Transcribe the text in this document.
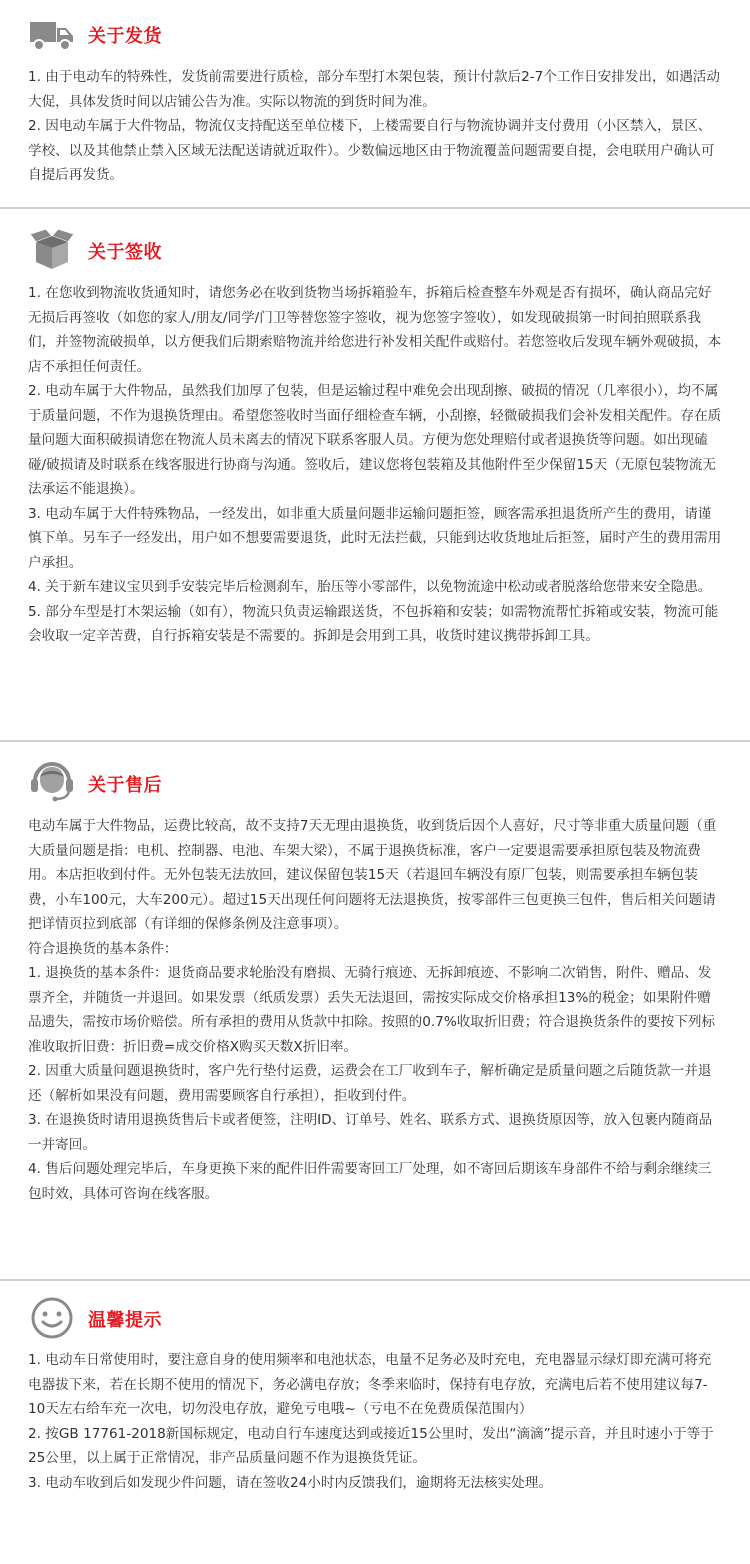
关于发货

1. 由于电动车的特殊性，发货前需要进行质检，部分车型打木架包装，预计付款后2-7个工作日安排发出，如遇活动大促，具体发货时间以店铺公告为准。实际以物流的到货时间为准。

2. 因电动车属于大件物品，物流仅支持配送至单位楼下，上楼需要自行与物流协调并支付费用（小区禁入，景区、学校、以及其他禁止禁入区域无法配送请就近取件）。少数偏远地区由于物流覆盖问题需要自提，会电联用户确认可自提后再发货。

关于签收

1. 在您收到物流收货通知时，请您务必在收到货物当场拆箱验车，拆箱后检查整车外观是否有损坏，确认商品完好无损后再签收（如您的家人/朋友/同学/门卫等替您签字签收，视为您签字签收），如发现破损第一时间拍照联系我们，并签物流破损单，以方便我们后期索赔物流并给您进行补发相关配件或赔付。若您签收后发现车辆外观破损，本店不承担任何责任。

2. 电动车属于大件物品，虽然我们加厚了包装，但是运输过程中难免会出现刮擦、破损的情况（几率很小），均不属于质量问题，不作为退换货理由。希望您签收时当面仔细检查车辆，小刮擦，轻微破损我们会补发相关配件。存在质量问题大面积破损请您在物流人员未离去的情况下联系客服人员。方便为您处理赔付或者退换货等问题。如出现磕碰/破损请及时联系在线客服进行协商与沟通。签收后，建议您将包装箱及其他附件至少保留15天（无原包装物流无法承运不能退换）。

3. 电动车属于大件特殊物品，一经发出，如非重大质量问题非运输问题拒签，顾客需承担退货所产生的费用，请谨慎下单。另车子一经发出，用户如不想要需要退货，此时无法拦截，只能到达收货地址后拒签，届时产生的费用需用户承担。

4. 关于新车建议宝贝到手安装完毕后检测刹车，胎压等小零部件，以免物流途中松动或者脱落给您带来安全隐患。

5. 部分车型是打木架运输（如有），物流只负责运输跟送货，不包拆箱和安装；如需物流帮忙拆箱或安装，物流可能会收取一定辛苦费，自行拆箱安装是不需要的。拆卸是会用到工具，收货时建议携带拆卸工具。

关于售后

电动车属于大件物品，运费比较高，故不支持7天无理由退换货，收到货后因个人喜好，尺寸等非重大质量问题（重大质量问题是指：电机、控制器、电池、车架大梁），不属于退换货标准，客户一定要退需要承担原包装及物流费用。本店拒收到付件。无外包装无法放回，建议保留包装15天（若退回车辆没有原厂包装，则需要承担车辆包装费，小车100元，大车200元）。超过15天出现任何问题将无法退换货，按零部件三包更换三包件，售后相关问题请把详情页拉到底部（有详细的保修条例及注意事项）。

符合退换货的基本条件：

1. 退换货的基本条件：退货商品要求轮胎没有磨损、无骑行痕迹、无拆卸痕迹、不影响二次销售，附件、赠品、发票齐全，并随货一并退回。如果发票（纸质发票）丢失无法退回，需按实际成交价格承担13%的税金；如果附件赠品遗失，需按市场价赔偿。所有承担的费用从货款中扣除。按照的0.7%收取折旧费；符合退换货条件的要按下列标准收取折旧费：折旧费=成交价格X购买天数X折旧率。

2. 因重大质量问题退换货时，客户先行垫付运费，运费会在工厂收到车子，解析确定是质量问题之后随货款一并退还（解析如果没有问题，费用需要顾客自行承担），拒收到付件。

3. 在退换货时请用退换货售后卡或者便签，注明ID、订单号、姓名、联系方式、退换货原因等，放入包裹内随商品一并寄回。

4. 售后问题处理完毕后，车身更换下来的配件旧件需要寄回工厂处理，如不寄回后期该车身部件不给与剩余继续三包时效，具体可咨询在线客服。

温馨提示

1. 电动车日常使用时，要注意自身的使用频率和电池状态，电量不足务必及时充电，充电器显示绿灯即充满可将充电器拔下来，若在长期不使用的情况下，务必满电存放；冬季来临时，保持有电存放，充满电后若不使用建议每7-10天左右给车充一次电，切勿没电存放，避免亏电哦~（亏电不在免费质保范围内）

2. 按GB 17761-2018新国标规定，电动自行车速度达到或接近15公里时，发出“滴滴”提示音，并且时速小于等于25公里，以上属于正常情况，非产品质量问题不作为退换货凭证。

3. 电动车收到后如发现少件问题，请在签收24小时内反馈我们，逾期将无法核实处理。
